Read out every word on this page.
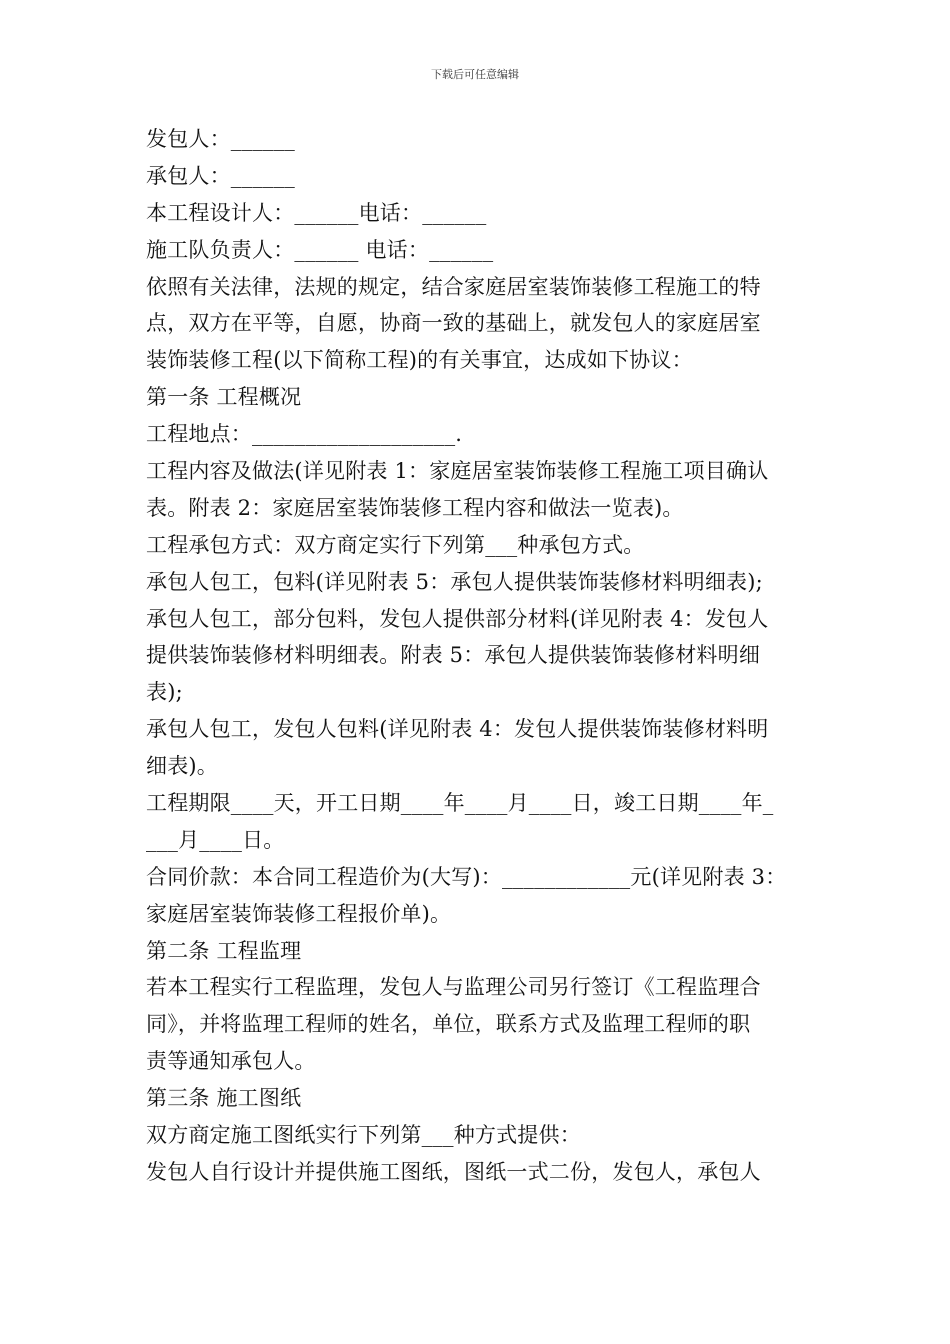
下载后可任意编辑
发包人：______
承包人：______
本工程设计人：______电话：______
施工队负责人：______ 电话：______
依照有关法律，法规的规定，结合家庭居室装饰装修工程施工的特
点，双方在平等，自愿，协商一致的基础上，就发包人的家庭居室
装饰装修工程(以下简称工程)的有关事宜，达成如下协议：
第一条 工程概况
工程地点：___________________.
工程内容及做法(详见附表 1：家庭居室装饰装修工程施工项目确认
表。附表 2：家庭居室装饰装修工程内容和做法一览表)。
工程承包方式：双方商定实行下列第___种承包方式。
承包人包工，包料(详见附表 5：承包人提供装饰装修材料明细表);
承包人包工，部分包料，发包人提供部分材料(详见附表 4：发包人
提供装饰装修材料明细表。附表 5：承包人提供装饰装修材料明细
表);
承包人包工，发包人包料(详见附表 4：发包人提供装饰装修材料明
细表)。
工程期限____天，开工日期____年____月____日，竣工日期____年_
___月____日。
合同价款：本合同工程造价为(大写)：____________元(详见附表 3：
家庭居室装饰装修工程报价单)。
第二条 工程监理
若本工程实行工程监理，发包人与监理公司另行签订《工程监理合
同》，并将监理工程师的姓名，单位，联系方式及监理工程师的职
责等通知承包人。
第三条 施工图纸
双方商定施工图纸实行下列第___种方式提供：
发包人自行设计并提供施工图纸，图纸一式二份，发包人，承包人
